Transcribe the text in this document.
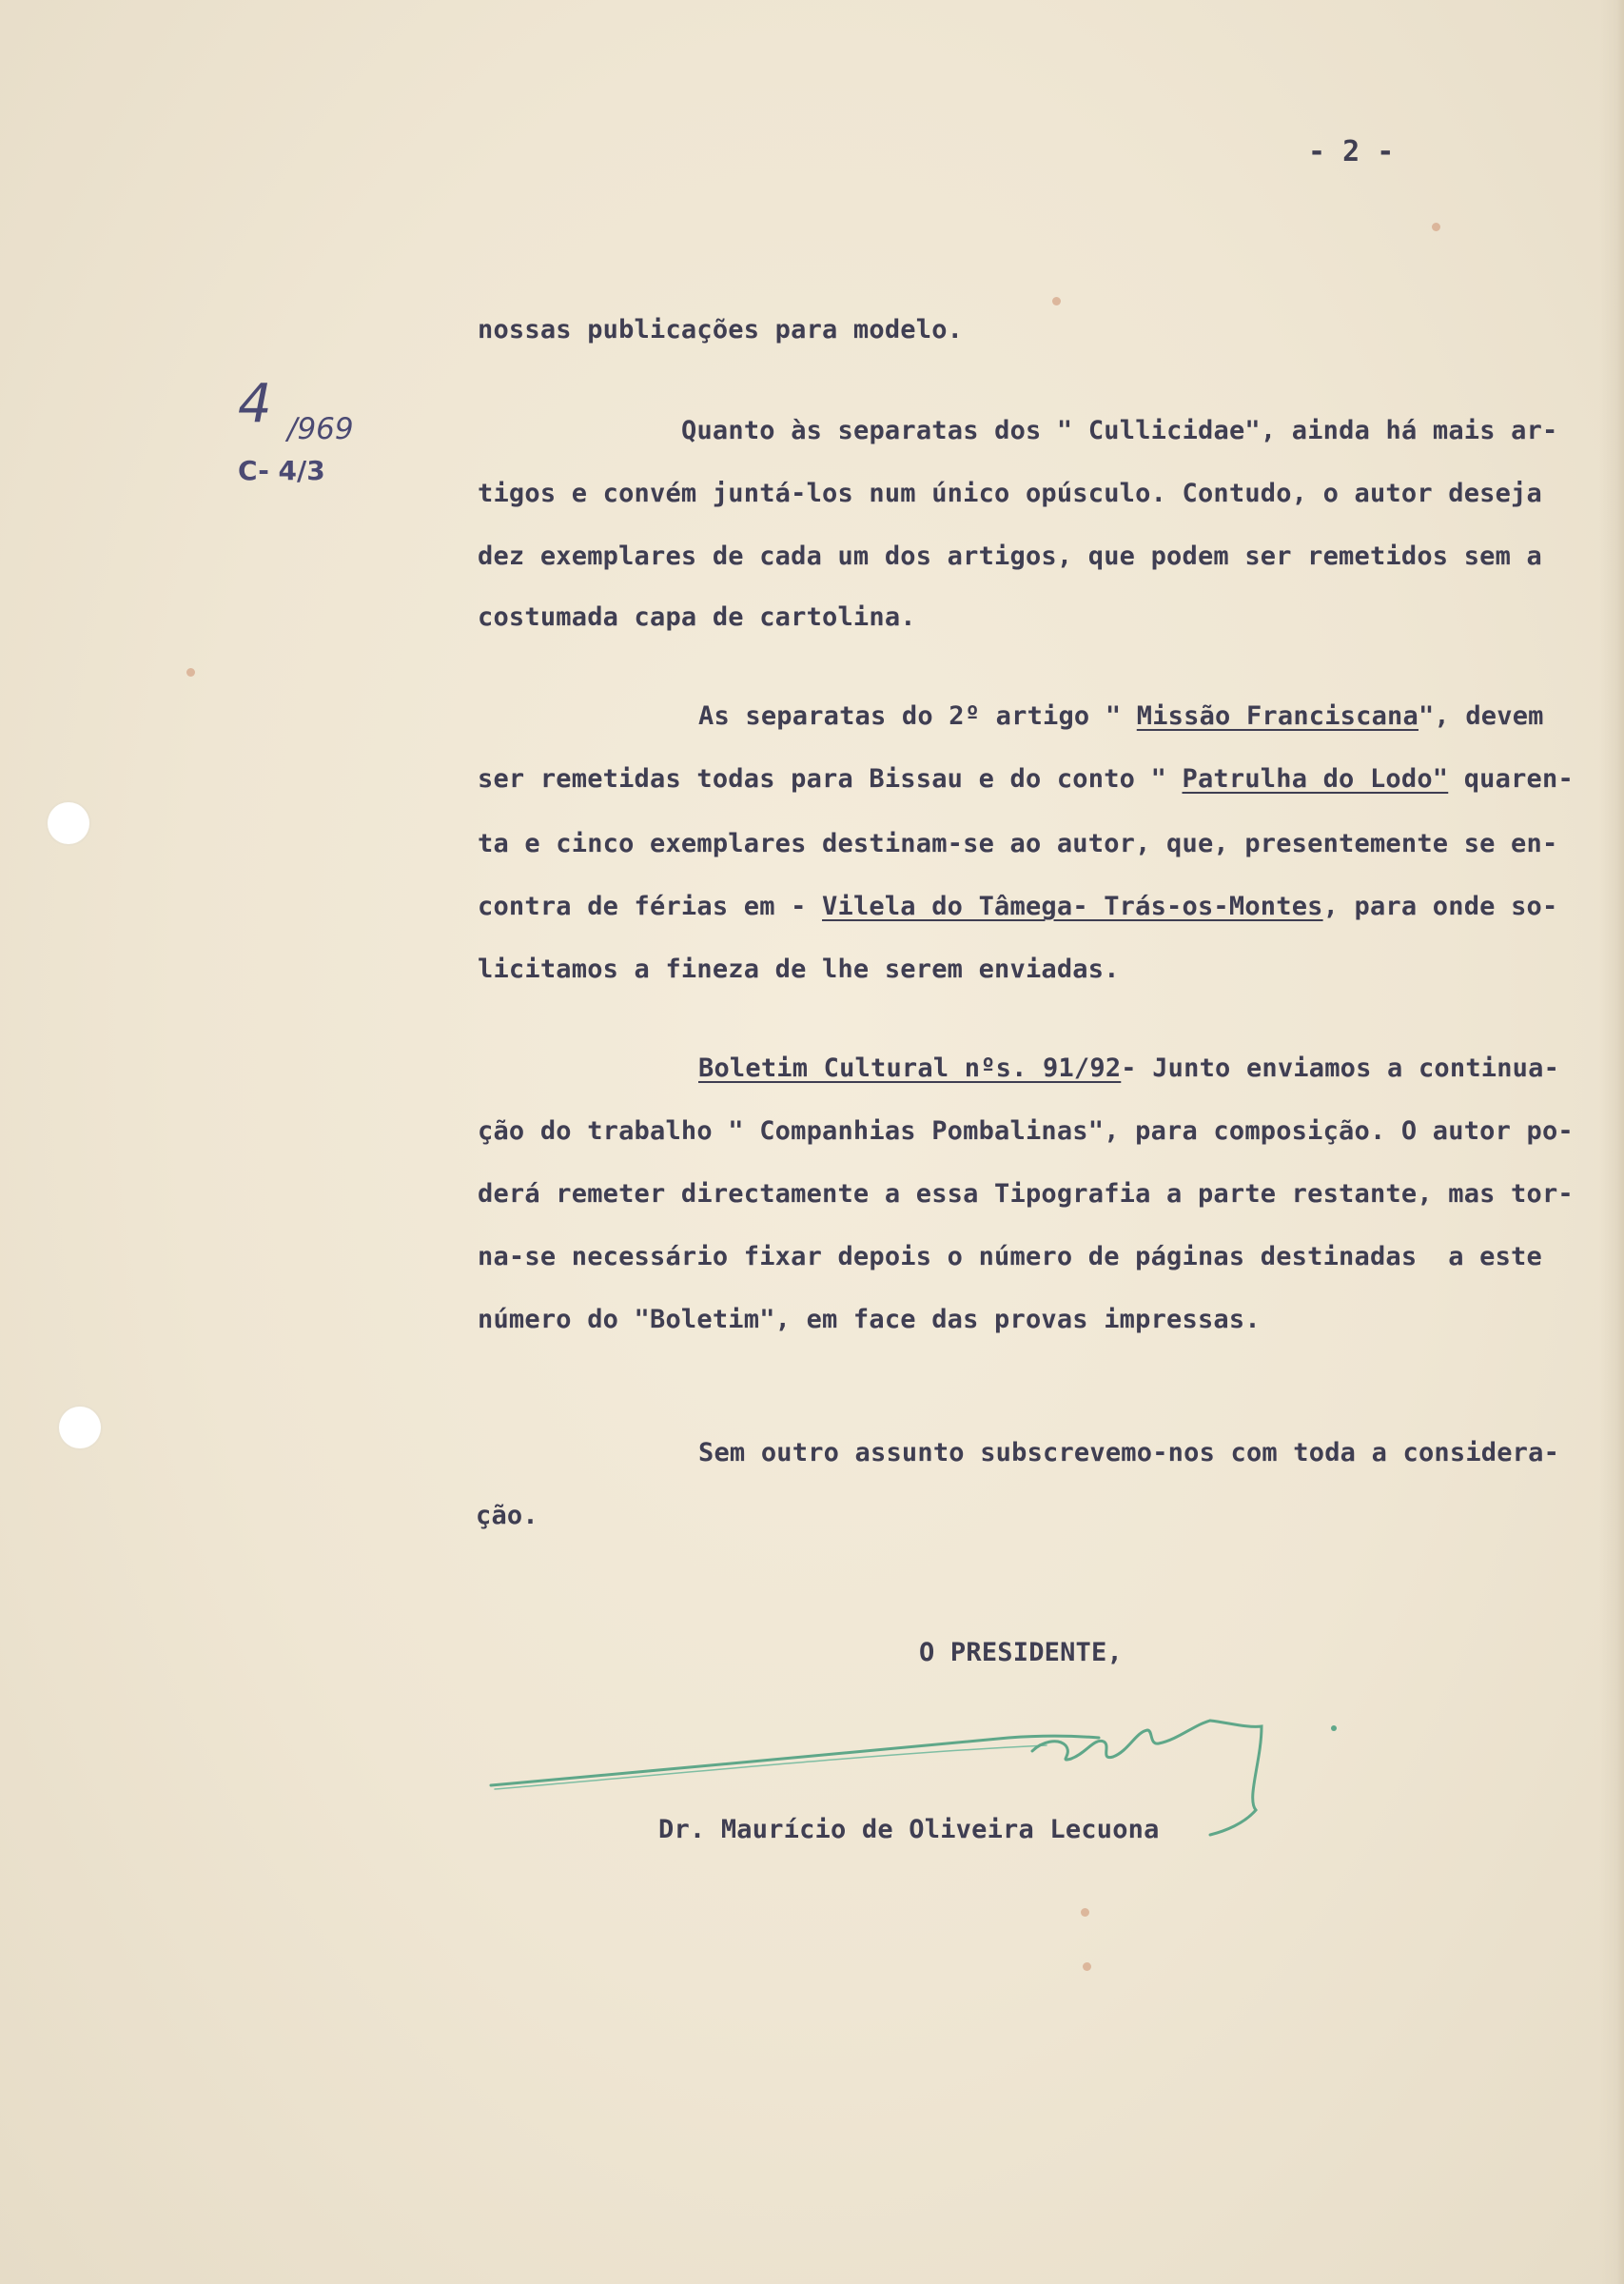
- 2 -
4 /969
C- 4/3
nossas publicações para modelo.
Quanto às separatas dos " Cullicidae", ainda há mais ar-
tigos e convém juntá-los num único opúsculo. Contudo, o autor deseja
dez exemplares de cada um dos artigos, que podem ser remetidos sem a
costumada capa de cartolina.
As separatas do 2º artigo " Missão Franciscana", devem
ser remetidas todas para Bissau e do conto " Patrulha do Lodo" quaren-
ta e cinco exemplares destinam-se ao autor, que, presentemente se en-
contra de férias em - Vilela do Tâmega- Trás-os-Montes, para onde so-
licitamos a fineza de lhe serem enviadas.
Boletim Cultural nºs. 91/92- Junto enviamos a continua-
ção do trabalho " Companhias Pombalinas", para composição. O autor po-
derá remeter directamente a essa Tipografia a parte restante, mas tor-
na-se necessário fixar depois o número de páginas destinadas  a este
número do "Boletim", em face das provas impressas.
Sem outro assunto subscrevemo-nos com toda a considera-
ção.
O PRESIDENTE,
Dr. Maurício de Oliveira Lecuona
